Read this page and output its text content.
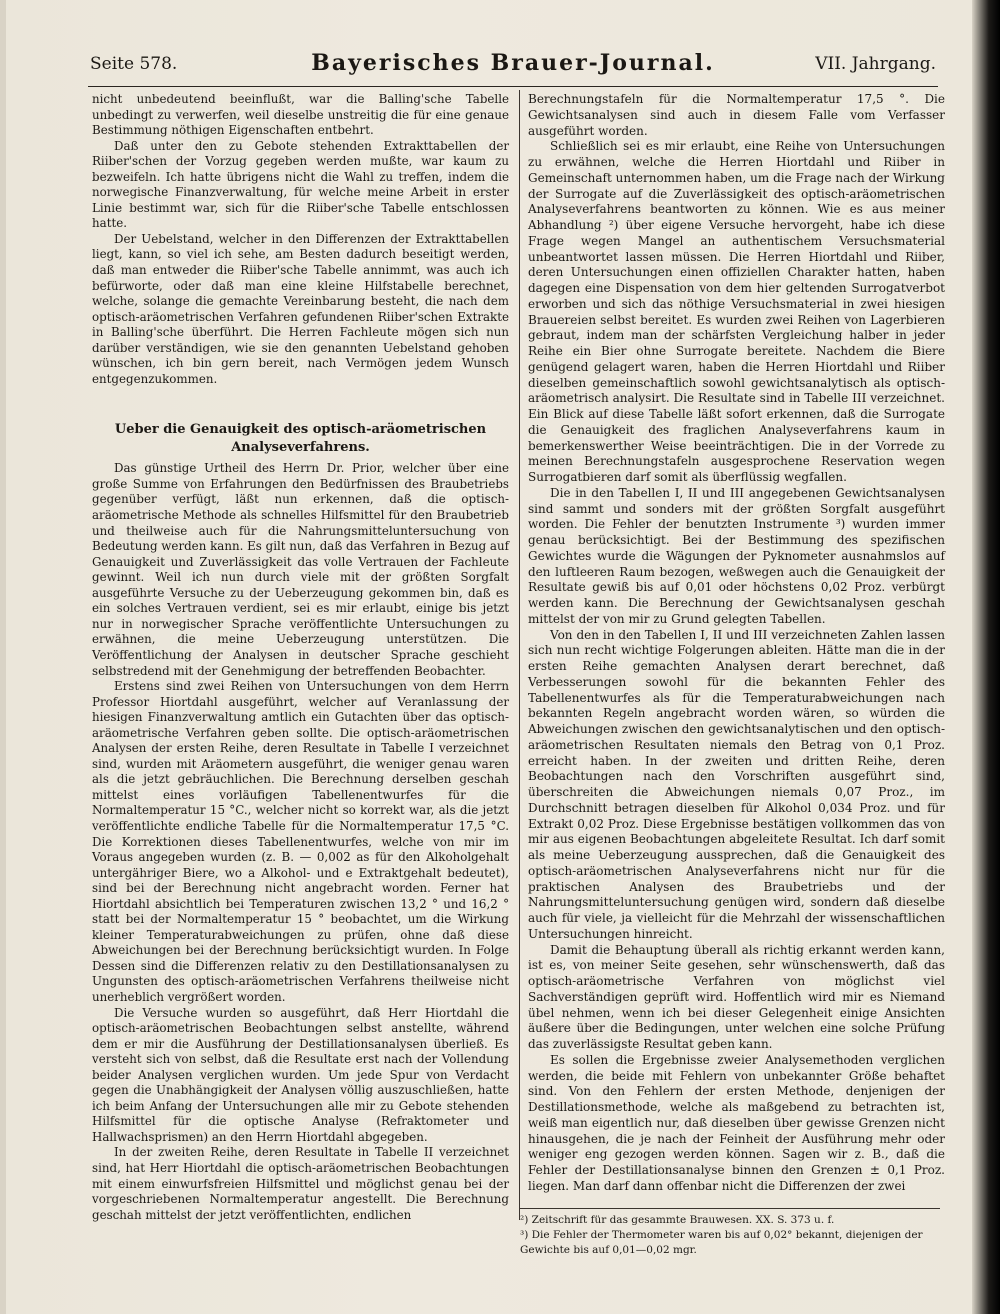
Seite 578.	Bayerisches Brauer-Journal.	VII. Jahrgang.

nicht unbedeutend beeinflußt, war die Balling'sche Tabelle unbedingt zu verwerfen, weil dieselbe unstreitig die für eine genaue Bestimmung nöthigen Eigenschaften entbehrt.

Daß unter den zu Gebote stehenden Extrakttabellen der Riiber'schen der Vorzug gegeben werden mußte, war kaum zu bezweifeln. Ich hatte übrigens nicht die Wahl zu treffen, indem die norwegische Finanzverwaltung, für welche meine Arbeit in erster Linie bestimmt war, sich für die Riiber'sche Tabelle entschlossen hatte.

Der Uebelstand, welcher in den Differenzen der Extrakttabellen liegt, kann, so viel ich sehe, am Besten dadurch beseitigt werden, daß man entweder die Riiber'sche Tabelle annimmt, was auch ich befürworte, oder daß man eine kleine Hilfstabelle berechnet, welche, solange die gemachte Vereinbarung besteht, die nach dem optisch-aräometrischen Verfahren gefundenen Riiber'schen Extrakte in Balling'sche überführt. Die Herren Fachleute mögen sich nun darüber verständigen, wie sie den genannten Uebelstand gehoben wünschen, ich bin gern bereit, nach Vermögen jedem Wunsch entgegenzukommen.

Ueber die Genauigkeit des optisch-aräometrischen
Analyseverfahrens.

Das günstige Urtheil des Herrn Dr. Prior, welcher über eine große Summe von Erfahrungen den Bedürfnissen des Braubetriebs gegenüber verfügt, läßt nun erkennen, daß die optisch-aräometrische Methode als schnelles Hilfsmittel für den Braubetrieb und theilweise auch für die Nahrungsmitteluntersuchung von Bedeutung werden kann. Es gilt nun, daß das Verfahren in Bezug auf Genauigkeit und Zuverlässigkeit das volle Vertrauen der Fachleute gewinnt. Weil ich nun durch viele mit der größten Sorgfalt ausgeführte Versuche zu der Ueberzeugung gekommen bin, daß es ein solches Vertrauen verdient, sei es mir erlaubt, einige bis jetzt nur in norwegischer Sprache veröffentlichte Untersuchungen zu erwähnen, die meine Ueberzeugung unterstützen. Die Veröffentlichung der Analysen in deutscher Sprache geschieht selbstredend mit der Genehmigung der betreffenden Beobachter.

Erstens sind zwei Reihen von Untersuchungen von dem Herrn Professor Hiortdahl ausgeführt, welcher auf Veranlassung der hiesigen Finanzverwaltung amtlich ein Gutachten über das optisch-aräometrische Verfahren geben sollte. Die optisch-aräometrischen Analysen der ersten Reihe, deren Resultate in Tabelle I verzeichnet sind, wurden mit Aräometern ausgeführt, die weniger genau waren als die jetzt gebräuchlichen. Die Berechnung derselben geschah mittelst eines vorläufigen Tabellenentwurfes für die Normaltemperatur 15 °C., welcher nicht so korrekt war, als die jetzt veröffentlichte endliche Tabelle für die Normaltemperatur 17,5 °C. Die Korrektionen dieses Tabellenentwurfes, welche von mir im Voraus angegeben wurden (z. B. — 0,002 as für den Alkoholgehalt untergähriger Biere, wo a Alkohol- und e Extraktgehalt bedeutet), sind bei der Berechnung nicht angebracht worden. Ferner hat Hiortdahl absichtlich bei Temperaturen zwischen 13,2 ° und 16,2 ° statt bei der Normaltemperatur 15 ° beobachtet, um die Wirkung kleiner Temperaturabweichungen zu prüfen, ohne daß diese Abweichungen bei der Berechnung berücksichtigt wurden. In Folge Dessen sind die Differenzen relativ zu den Destillationsanalysen zu Ungunsten des optisch-aräometrischen Verfahrens theilweise nicht unerheblich vergrößert worden.

Die Versuche wurden so ausgeführt, daß Herr Hiortdahl die optisch-aräometrischen Beobachtungen selbst anstellte, während dem er mir die Ausführung der Destillationsanalysen überließ. Es versteht sich von selbst, daß die Resultate erst nach der Vollendung beider Analysen verglichen wurden. Um jede Spur von Verdacht gegen die Unabhängigkeit der Analysen völlig auszuschließen, hatte ich beim Anfang der Untersuchungen alle mir zu Gebote stehenden Hilfsmittel für die optische Analyse (Refraktometer und Hallwachsprismen) an den Herrn Hiortdahl abgegeben.

In der zweiten Reihe, deren Resultate in Tabelle II verzeichnet sind, hat Herr Hiortdahl die optisch-aräometrischen Beobachtungen mit einem einwurfsfreien Hilfsmittel und möglichst genau bei der vorgeschriebenen Normaltemperatur angestellt. Die Berechnung geschah mittelst der jetzt veröffentlichten, endlichen

Berechnungstafeln für die Normaltemperatur 17,5 °. Die Gewichtsanalysen sind auch in diesem Falle vom Verfasser ausgeführt worden.

Schließlich sei es mir erlaubt, eine Reihe von Untersuchungen zu erwähnen, welche die Herren Hiortdahl und Riiber in Gemeinschaft unternommen haben, um die Frage nach der Wirkung der Surrogate auf die Zuverlässigkeit des optisch-aräometrischen Analyseverfahrens beantworten zu können. Wie es aus meiner Abhandlung ²) über eigene Versuche hervorgeht, habe ich diese Frage wegen Mangel an authentischem Versuchsmaterial unbeantwortet lassen müssen. Die Herren Hiortdahl und Riiber, deren Untersuchungen einen offiziellen Charakter hatten, haben dagegen eine Dispensation von dem hier geltenden Surrogatverbot erworben und sich das nöthige Versuchsmaterial in zwei hiesigen Brauereien selbst bereitet. Es wurden zwei Reihen von Lagerbieren gebraut, indem man der schärfsten Vergleichung halber in jeder Reihe ein Bier ohne Surrogate bereitete. Nachdem die Biere genügend gelagert waren, haben die Herren Hiortdahl und Riiber dieselben gemeinschaftlich sowohl gewichtsanalytisch als optisch-aräometrisch analysirt. Die Resultate sind in Tabelle III verzeichnet. Ein Blick auf diese Tabelle läßt sofort erkennen, daß die Surrogate die Genauigkeit des fraglichen Analyseverfahrens kaum in bemerkenswerther Weise beeinträchtigen. Die in der Vorrede zu meinen Berechnungstafeln ausgesprochene Reservation wegen Surrogatbieren darf somit als überflüssig wegfallen.

Die in den Tabellen I, II und III angegebenen Gewichtsanalysen sind sammt und sonders mit der größten Sorgfalt ausgeführt worden. Die Fehler der benutzten Instrumente ³) wurden immer genau berücksichtigt. Bei der Bestimmung des spezifischen Gewichtes wurde die Wägungen der Pyknometer ausnahmslos auf den luftleeren Raum bezogen, weßwegen auch die Genauigkeit der Resultate gewiß bis auf 0,01 oder höchstens 0,02 Proz. verbürgt werden kann. Die Berechnung der Gewichtsanalysen geschah mittelst der von mir zu Grund gelegten Tabellen.

Von den in den Tabellen I, II und III verzeichneten Zahlen lassen sich nun recht wichtige Folgerungen ableiten. Hätte man die in der ersten Reihe gemachten Analysen derart berechnet, daß Verbesserungen sowohl für die bekannten Fehler des Tabellenentwurfes als für die Temperaturabweichungen nach bekannten Regeln angebracht worden wären, so würden die Abweichungen zwischen den gewichtsanalytischen und den optisch-aräometrischen Resultaten niemals den Betrag von 0,1 Proz. erreicht haben. In der zweiten und dritten Reihe, deren Beobachtungen nach den Vorschriften ausgeführt sind, überschreiten die Abweichungen niemals 0,07 Proz., im Durchschnitt betragen dieselben für Alkohol 0,034 Proz. und für Extrakt 0,02 Proz. Diese Ergebnisse bestätigen vollkommen das von mir aus eigenen Beobachtungen abgeleitete Resultat. Ich darf somit als meine Ueberzeugung aussprechen, daß die Genauigkeit des optisch-aräometrischen Analyseverfahrens nicht nur für die praktischen Analysen des Braubetriebs und der Nahrungsmitteluntersuchung genügen wird, sondern daß dieselbe auch für viele, ja vielleicht für die Mehrzahl der wissenschaftlichen Untersuchungen hinreicht.

Damit die Behauptung überall als richtig erkannt werden kann, ist es, von meiner Seite gesehen, sehr wünschenswerth, daß das optisch-aräometrische Verfahren von möglichst viel Sachverständigen geprüft wird. Hoffentlich wird mir es Niemand übel nehmen, wenn ich bei dieser Gelegenheit einige Ansichten äußere über die Bedingungen, unter welchen eine solche Prüfung das zuverlässigste Resultat geben kann.

Es sollen die Ergebnisse zweier Analysemethoden verglichen werden, die beide mit Fehlern von unbekannter Größe behaftet sind. Von den Fehlern der ersten Methode, denjenigen der Destillationsmethode, welche als maßgebend zu betrachten ist, weiß man eigentlich nur, daß dieselben über gewisse Grenzen nicht hinausgehen, die je nach der Feinheit der Ausführung mehr oder weniger eng gezogen werden können. Sagen wir z. B., daß die Fehler der Destillationsanalyse binnen den Grenzen ± 0,1 Proz. liegen. Man darf dann offenbar nicht die Differenzen der zwei

²) Zeitschrift für das gesammte Brauwesen. XX. S. 373 u. f.
³) Die Fehler der Thermometer waren bis auf 0,02° bekannt, diejenigen der Gewichte bis auf 0,01—0,02 mgr.
